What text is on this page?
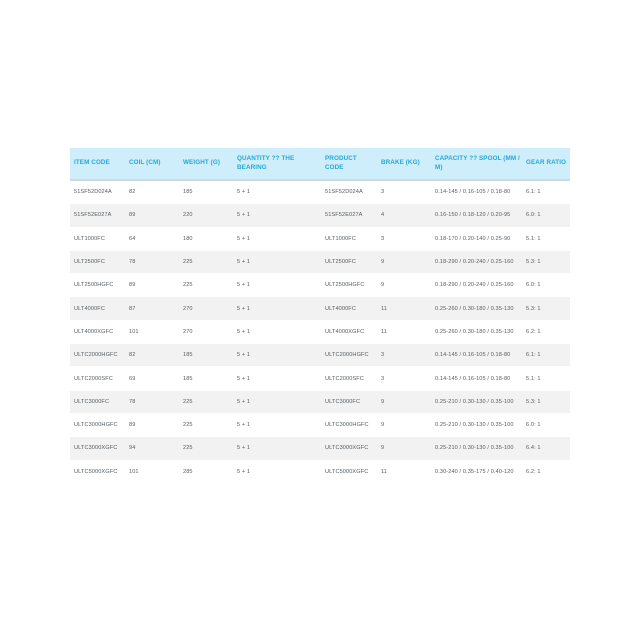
ITEM CODE	COIL (CM)	WEIGHT (G)	QUANTITY ?? THE BEARING	PRODUCT CODE	BRAKE (KG)	CAPACITY ?? SPOOL (MM / M)	GEAR RATIO
51SF52D024A	82	185	5 + 1	51SF52D024A	3	0.14-145 / 0.16-105 / 0.18-80	6.1: 1
51SF52E027A	89	220	5 + 1	51SF52E027A	4	0.16-150 / 0.18-120 / 0.20-95	6.0: 1
ULT1000FC	64	180	5 + 1	ULT1000FC	3	0.18-170 / 0.20-140 / 0.25-90	5.1: 1
ULT2500FC	78	225	5 + 1	ULT2500FC	9	0.18-290 / 0.20-240 / 0.25-160	5.3: 1
ULT2500HGFC	89	225	5 + 1	ULT2500HGFC	9	0.18-290 / 0.20-240 / 0.25-160	6.0: 1
ULT4000FC	87	270	5 + 1	ULT4000FC	11	0.25-260 / 0.30-180 / 0.35-130	5.3: 1
ULT4000XGFC	101	270	5 + 1	ULT4000XGFC	11	0.25-260 / 0.30-180 / 0.35-130	6.2: 1
ULTC2000HGFC	82	185	5 + 1	ULTC2000HGFC	3	0.14-145 / 0.16-105 / 0.18-80	6.1: 1
ULTC2000SFC	69	185	5 + 1	ULTC2000SFC	3	0.14-145 / 0.16-105 / 0.18-80	5.1: 1
ULTC3000FC	78	225	5 + 1	ULTC3000FC	9	0.25-210 / 0.30-130 / 0.35-100	5.3: 1
ULTC3000HGFC	89	225	5 + 1	ULTC3000HGFC	9	0.25-210 / 0.30-130 / 0.35-100	6.0: 1
ULTC3000XGFC	94	225	5 + 1	ULTC3000XGFC	9	0.25-210 / 0.30-130 / 0.35-100	6.4: 1
ULTC5000XGFC	101	285	5 + 1	ULTC5000XGFC	11	0.30-240 / 0.35-175 / 0.40-120	6.2: 1
